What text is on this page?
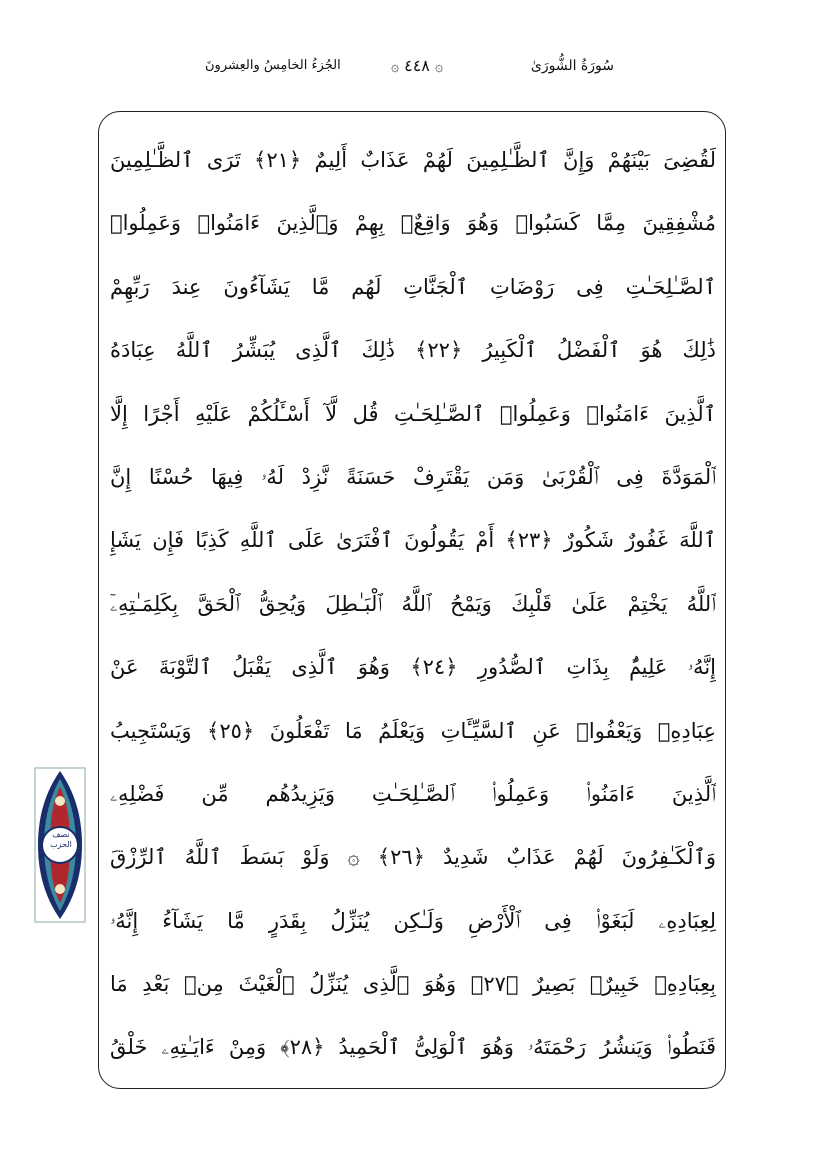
الجُزءُ الخامِسُ والعِشرونَ	۞ ٤٤٨ ۞	سُورَةُ الشُّورَىٰ
لَقُضِىَ بَيْنَهُمْ وَإِنَّ ٱلظَّـٰلِمِينَ لَهُمْ عَذَابٌ أَلِيمٌ ﴿٢١﴾ تَرَى ٱلظَّـٰلِمِينَ
مُشْفِقِينَ مِمَّا كَسَبُوا۟ وَهُوَ وَاقِعٌۢ بِهِمْ وَٱلَّذِينَ ءَامَنُوا۟ وَعَمِلُوا۟
ٱلصَّـٰلِحَـٰتِ فِى رَوْضَاتِ ٱلْجَنَّاتِ لَهُم مَّا يَشَآءُونَ عِندَ رَبِّهِمْ
ذَٰلِكَ هُوَ ٱلْفَضْلُ ٱلْكَبِيرُ ﴿٢٢﴾ ذَٰلِكَ ٱلَّذِى يُبَشِّرُ ٱللَّهُ عِبَادَهُ
ٱلَّذِينَ ءَامَنُوا۟ وَعَمِلُوا۟ ٱلصَّـٰلِحَـٰتِ قُل لَّآ أَسْـَٔلُكُمْ عَلَيْهِ أَجْرًا إِلَّا
ٱلْمَوَدَّةَ فِى ٱلْقُرْبَىٰ وَمَن يَقْتَرِفْ حَسَنَةً نَّزِدْ لَهُۥ فِيهَا حُسْنًا إِنَّ
ٱللَّهَ غَفُورٌ شَكُورٌ ﴿٢٣﴾ أَمْ يَقُولُونَ ٱفْتَرَىٰ عَلَى ٱللَّهِ كَذِبًا فَإِن يَشَإِ
ٱللَّهُ يَخْتِمْ عَلَىٰ قَلْبِكَ وَيَمْحُ ٱللَّهُ ٱلْبَـٰطِلَ وَيُحِقُّ ٱلْحَقَّ بِكَلِمَـٰتِهِۦٓ
إِنَّهُۥ عَلِيمٌۢ بِذَاتِ ٱلصُّدُورِ ﴿٢٤﴾ وَهُوَ ٱلَّذِى يَقْبَلُ ٱلتَّوْبَةَ عَنْ
عِبَادِهِۦ وَيَعْفُوا۟ عَنِ ٱلسَّيِّـَٔاتِ وَيَعْلَمُ مَا تَفْعَلُونَ ﴿٢٥﴾ وَيَسْتَجِيبُ
ٱلَّذِينَ ءَامَنُوا۟ وَعَمِلُوا۟ ٱلصَّـٰلِحَـٰتِ وَيَزِيدُهُم مِّن فَضْلِهِۦ
وَٱلْكَـٰفِرُونَ لَهُمْ عَذَابٌ شَدِيدٌ ﴿٢٦﴾ ۞ وَلَوْ بَسَطَ ٱللَّهُ ٱلرِّزْقَ
لِعِبَادِهِۦ لَبَغَوْا۟ فِى ٱلْأَرْضِ وَلَـٰكِن يُنَزِّلُ بِقَدَرٍ مَّا يَشَآءُ إِنَّهُۥ
بِعِبَادِهِۦ خَبِيرٌۢ بَصِيرٌ ﴿٢٧﴾ وَهُوَ ٱلَّذِى يُنَزِّلُ ٱلْغَيْثَ مِنۢ بَعْدِ مَا
قَنَطُوا۟ وَيَنشُرُ رَحْمَتَهُۥ وَهُوَ ٱلْوَلِىُّ ٱلْحَمِيدُ ﴿٢٨﴾ وَمِنْ ءَايَـٰتِهِۦ خَلْقُ
نصف
الحزب
